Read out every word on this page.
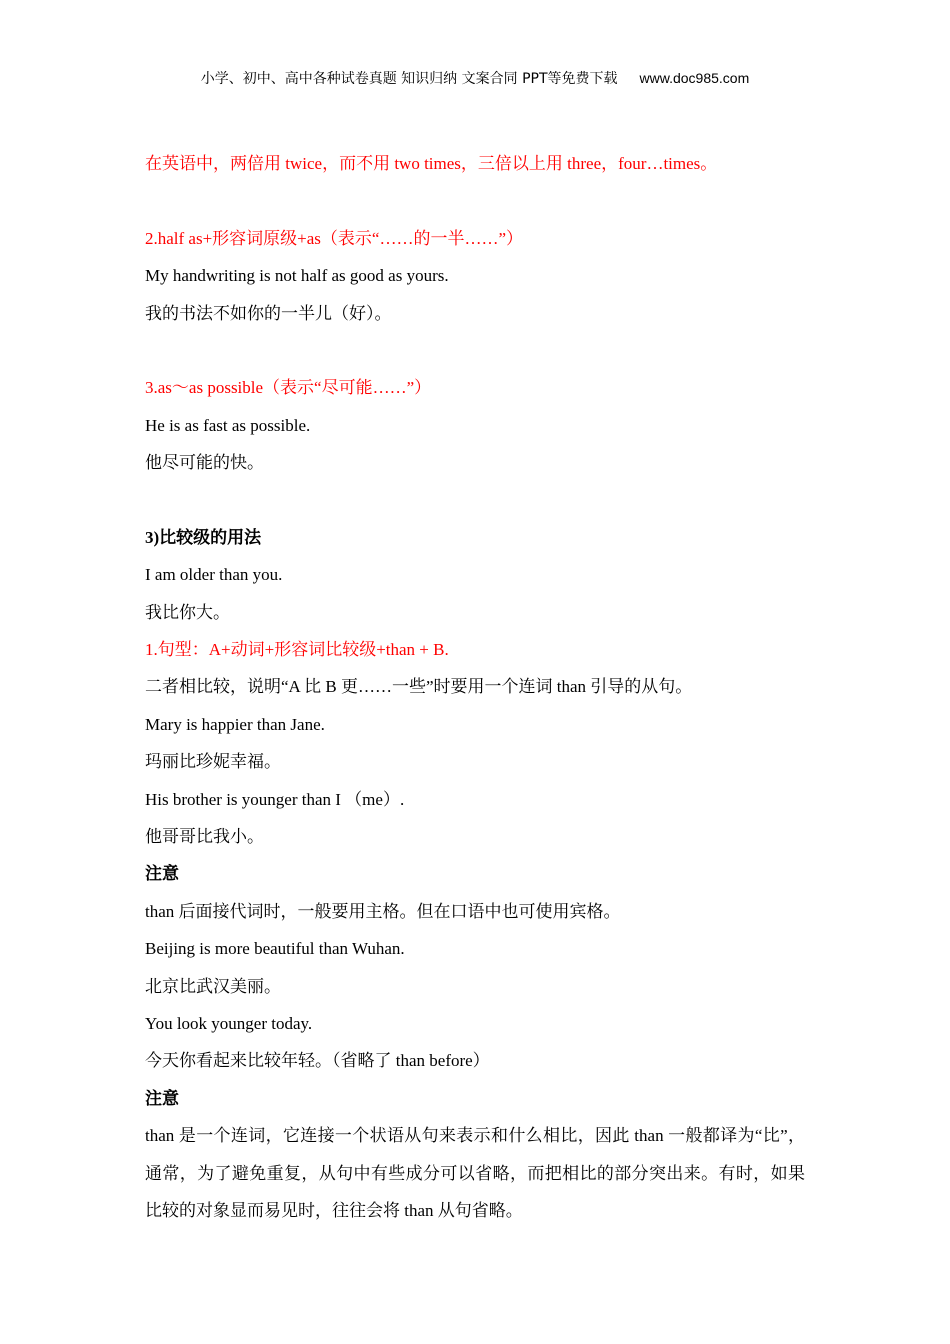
小学、初中、高中各种试卷真题 知识归纳 文案合同 PPT等免费下载 www.doc985.com
在英语中，两倍用 twice，而不用 two times，三倍以上用 three，four…times。
2.half as+形容词原级+as（表示“……的一半……”）
My handwriting is not half as good as yours.
我的书法不如你的一半儿（好）。
3.as～as possible（表示“尽可能……”）
He is as fast as possible.
他尽可能的快。
3)比较级的用法
I am older than you.
我比你大。
1.句型：A+动词+形容词比较级+than + B.
二者相比较，说明“A 比 B 更……一些”时要用一个连词 than 引导的从句。
Mary is happier than Jane.
玛丽比珍妮幸福。
His brother is younger than I （me）.
他哥哥比我小。
注意
than 后面接代词时，一般要用主格。但在口语中也可使用宾格。
Beijing is more beautiful than Wuhan.
北京比武汉美丽。
You look younger today.
今天你看起来比较年轻。（省略了 than before）
注意
than 是一个连词，它连接一个状语从句来表示和什么相比，因此 than 一般都译为“比”，通常，为了避免重复，从句中有些成分可以省略，而把相比的部分突出来。有时，如果比较的对象显而易见时，往往会将 than 从句省略。
